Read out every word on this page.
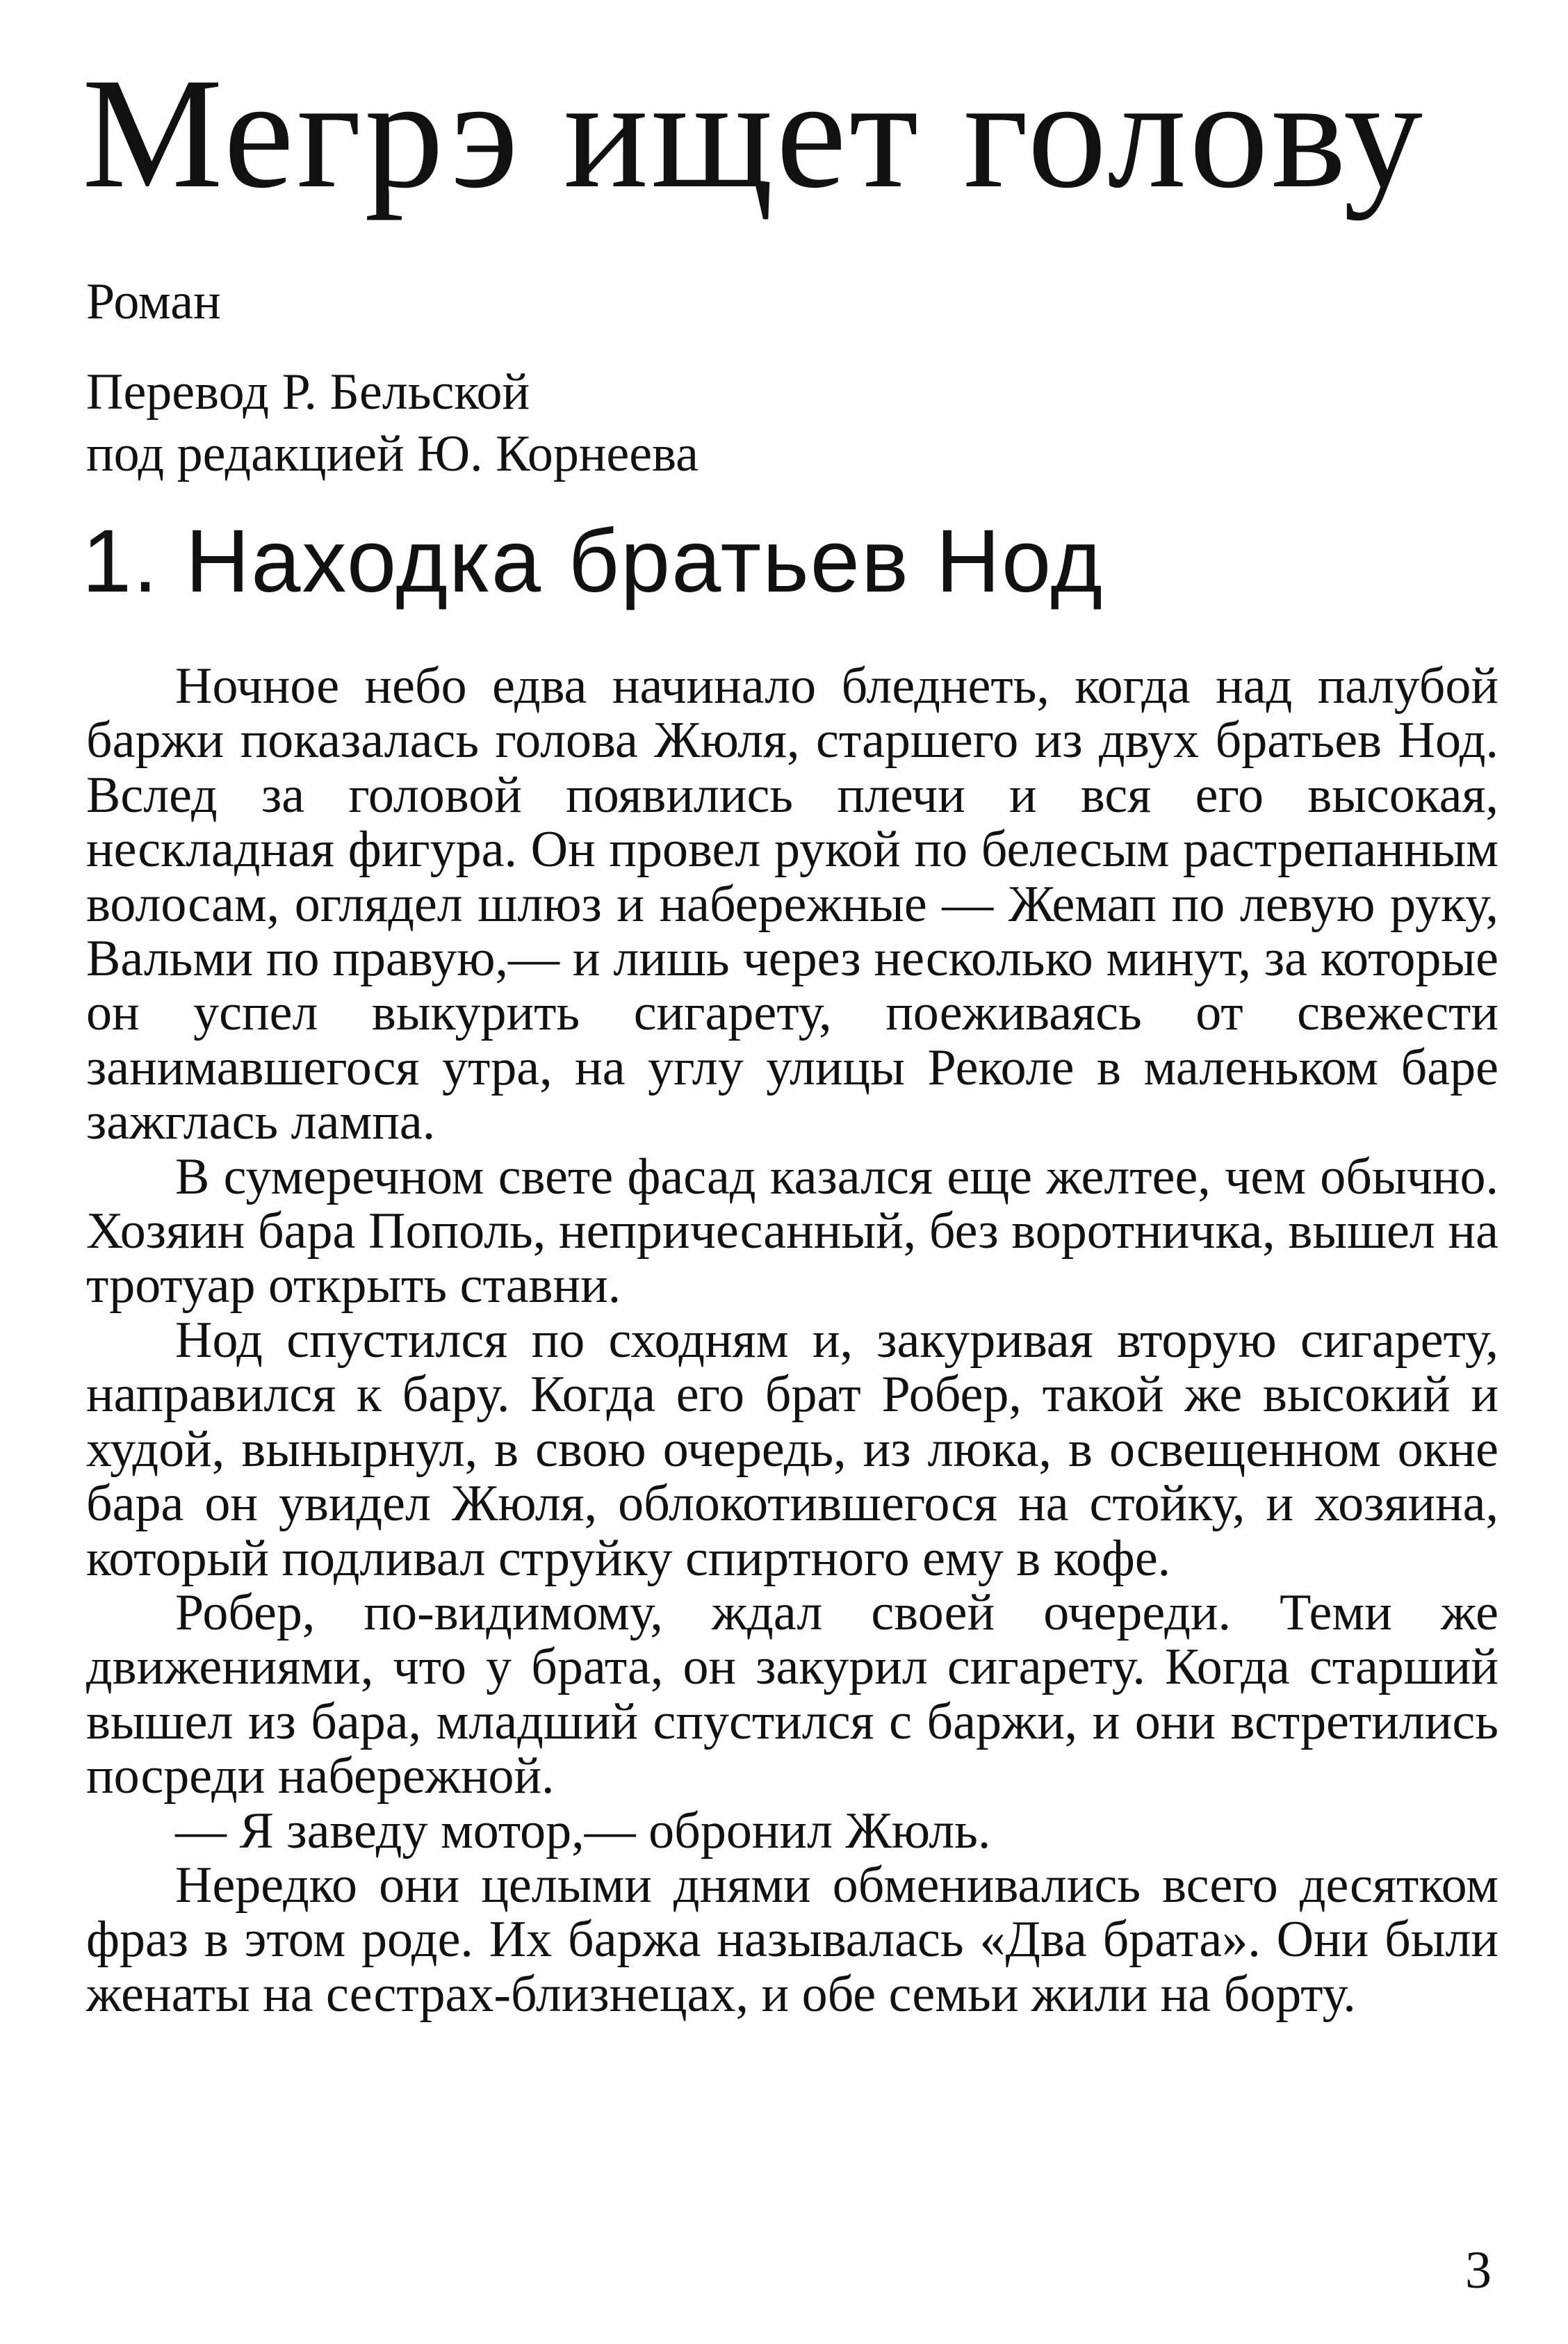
Мегрэ ищет голову
Роман
Перевод Р. Бельской
под редакцией Ю. Корнеева
1. Находка братьев Нод

Ночное небо едва начинало бледнеть, когда над палубой баржи показалась голова Жюля, старшего из двух братьев Нод. Вслед за головой появились плечи и вся его высокая, нескладная фигура. Он провел рукой по белесым растрепанным волосам, оглядел шлюз и набережные — Жемап по левую руку, Вальми по правую,— и лишь через несколько минут, за которые он успел выкурить сигарету, поеживаясь от свежести занимавшегося утра, на углу улицы Реколе в маленьком баре зажглась лампа.

В сумеречном свете фасад казался еще желтее, чем обычно. Хозяин бара Пополь, непричесанный, без воротничка, вышел на тротуар открыть ставни.

Нод спустился по сходням и, закуривая вторую сигарету, направился к бару. Когда его брат Робер, такой же высокий и худой, вынырнул, в свою очередь, из люка, в освещенном окне бара он увидел Жюля, облокотившегося на стойку, и хозяина, который подливал струйку спиртного ему в кофе.

Робер, по-видимому, ждал своей очереди. Теми же движениями, что у брата, он закурил сигарету. Когда старший вышел из бара, младший спустился с баржи, и они встретились посреди набережной.

— Я заведу мотор,— обронил Жюль.

Нередко они целыми днями обменивались всего десятком фраз в этом роде. Их баржа называлась «Два брата». Они были женаты на сестрах-близнецах, и обе семьи жили на борту.

3
